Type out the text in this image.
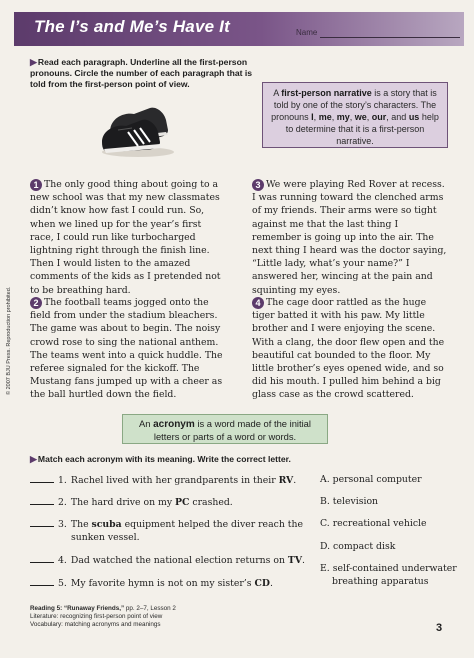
The I’s and Me’s Have It	Name
▶Read each paragraph. Underline all the first-person pronouns. Circle the number of each paragraph that is told from the first-person point of view.
A first-person narrative is a story that is told by one of the story’s characters. The pronouns I, me, my, we, our, and us help to determine that it is a first-person narrative.
1 The only good thing about going to a new school was that my new classmates didn’t know how fast I could run. So, when we lined up for the year’s first race, I could run like turbocharged lightning right through the finish line. Then I would listen to the amazed comments of the kids as I pretended not to be breathing hard.
2 The football teams jogged onto the field from under the stadium bleachers. The game was about to begin. The noisy crowd rose to sing the national anthem. The teams went into a quick huddle. The referee signaled for the kickoff. The Mustang fans jumped up with a cheer as the ball hurtled down the field.
3 We were playing Red Rover at recess. I was running toward the clenched arms of my friends. Their arms were so tight against me that the last thing I remember is going up into the air. The next thing I heard was the doctor saying, “Little lady, what’s your name?” I answered her, wincing at the pain and squinting my eyes.
4 The cage door rattled as the huge tiger batted it with his paw. My little brother and I were enjoying the scene. With a clang, the door flew open and the beautiful cat bounded to the floor. My little brother’s eyes opened wide, and so did his mouth. I pulled him behind a big glass case as the crowd scattered.
An acronym is a word made of the initial letters or parts of a word or words.
▶Match each acronym with its meaning. Write the correct letter.
1. Rachel lived with her grandparents in their RV.
2. The hard drive on my PC crashed.
3. The scuba equipment helped the diver reach the
sunken vessel.
4. Dad watched the national election returns on TV.
5. My favorite hymn is not on my sister’s CD.
A. personal computer
B. television
C. recreational vehicle
D. compact disk
E. self-contained underwater
breathing apparatus
Reading 5: “Runaway Friends,” pp. 2–7, Lesson 2
Literature: recognizing first-person point of view
Vocabulary: matching acronyms and meanings	3
© 2007 BJU Press. Reproduction prohibited.
